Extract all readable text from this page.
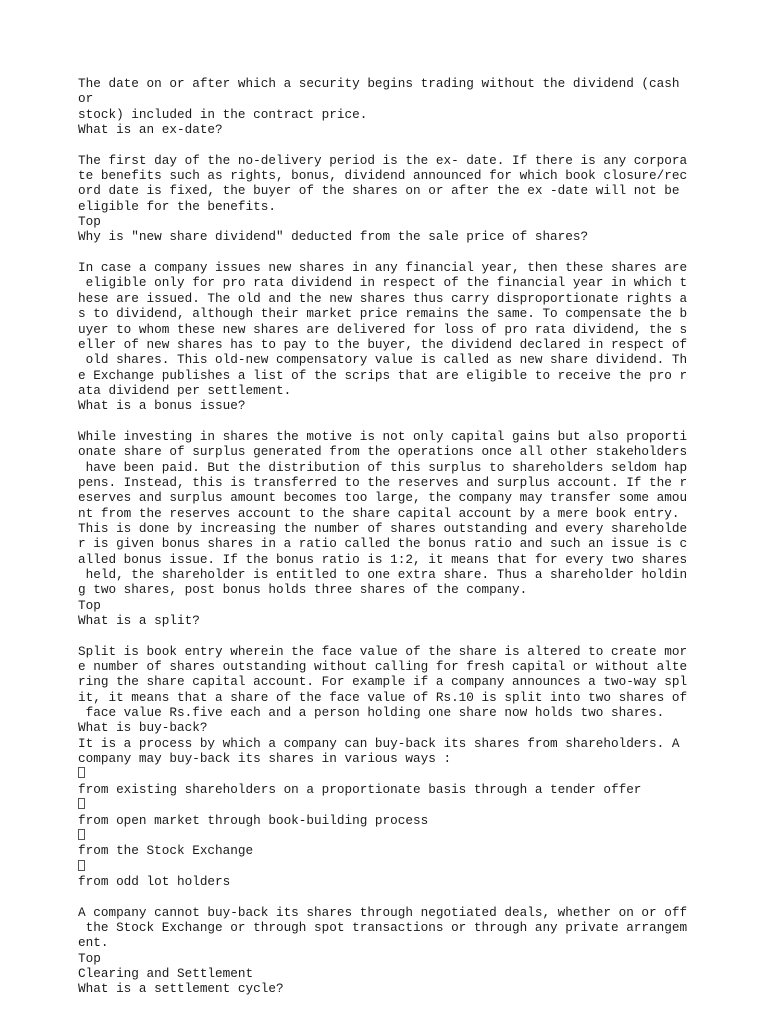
The date on or after which a security begins trading without the dividend (cash
or
stock) included in the contract price.
What is an ex-date?
The first day of the no-delivery period is the ex- date. If there is any corpora
te benefits such as rights, bonus, dividend announced for which book closure/rec
ord date is fixed, the buyer of the shares on or after the ex -date will not be
eligible for the benefits.
Top
Why is "new share dividend" deducted from the sale price of shares?
In case a company issues new shares in any financial year, then these shares are
eligible only for pro rata dividend in respect of the financial year in which t
hese are issued. The old and the new shares thus carry disproportionate rights a
s to dividend, although their market price remains the same. To compensate the b
uyer to whom these new shares are delivered for loss of pro rata dividend, the s
eller of new shares has to pay to the buyer, the dividend declared in respect of
old shares. This old-new compensatory value is called as new share dividend. Th
e Exchange publishes a list of the scrips that are eligible to receive the pro r
ata dividend per settlement.
What is a bonus issue?
While investing in shares the motive is not only capital gains but also proporti
onate share of surplus generated from the operations once all other stakeholders
have been paid. But the distribution of this surplus to shareholders seldom hap
pens. Instead, this is transferred to the reserves and surplus account. If the r
eserves and surplus amount becomes too large, the company may transfer some amou
nt from the reserves account to the share capital account by a mere book entry.
This is done by increasing the number of shares outstanding and every shareholde
r is given bonus shares in a ratio called the bonus ratio and such an issue is c
alled bonus issue. If the bonus ratio is 1:2, it means that for every two shares
held, the shareholder is entitled to one extra share. Thus a shareholder holdin
g two shares, post bonus holds three shares of the company.
Top
What is a split?
Split is book entry wherein the face value of the share is altered to create mor
e number of shares outstanding without calling for fresh capital or without alte
ring the share capital account. For example if a company announces a two-way spl
it, it means that a share of the face value of Rs.10 is split into two shares of
face value Rs.five each and a person holding one share now holds two shares.
What is buy-back?
It is a process by which a company can buy-back its shares from shareholders. A
company may buy-back its shares in various ways :
from existing shareholders on a proportionate basis through a tender offer
from open market through book-building process
from the Stock Exchange
from odd lot holders
A company cannot buy-back its shares through negotiated deals, whether on or off
the Stock Exchange or through spot transactions or through any private arrangem
ent.
Top
Clearing and Settlement
What is a settlement cycle?
